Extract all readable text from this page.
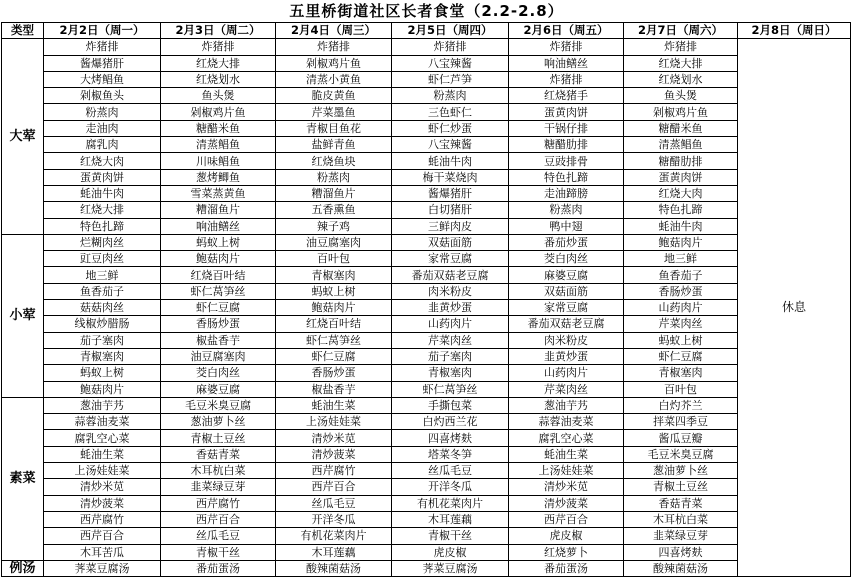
五里桥街道社区长者食堂（2.2-2.8）
类型	2月2日（周一）	2月3日（周二）	2月4日（周三）	2月5日（周四）	2月6日（周五）	2月7日（周六）	2月8日（周日）
大荤	炸猪排	炸猪排	炸猪排	炸猪排	炸猪排	炸猪排	休息
	酱爆猪肝	红烧大排	剁椒鸡片鱼	八宝辣酱	响油鳝丝	红烧大排	
	大烤鲳鱼	红烧划水	清蒸小黄鱼	虾仁芦笋	炸猪排	红烧划水	
	剁椒鱼头	鱼头煲	脆皮黄鱼	粉蒸肉	红烧猪手	鱼头煲	
	粉蒸肉	剁椒鸡片鱼	芹菜墨鱼	三色虾仁	蛋黄肉饼	剁椒鸡片鱼	
	走油肉	糖醋米鱼	青椒目鱼花	虾仁炒蛋	干锅仔排	糖醋米鱼	
	腐乳肉	清蒸鲳鱼	盐鲜青鱼	八宝辣酱	糖醋肋排	清蒸鲳鱼	
	红烧大肉	川味鲳鱼	红烧鱼块	蚝油牛肉	豆豉排骨	糖醋肋排	
	蛋黄肉饼	葱烤鲫鱼	粉蒸肉	梅干菜烧肉	特色扎蹄	蛋黄肉饼	
	蚝油牛肉	雪菜蒸黄鱼	糟溜鱼片	酱爆猪肝	走油蹄膀	红烧大肉	
	红烧大排	糟溜鱼片	五香熏鱼	白切猪肝	粉蒸肉	特色扎蹄	
	特色扎蹄	响油鳝丝	辣子鸡	三鲜肉皮	鸭中翅	蚝油牛肉	
小荤	烂糊肉丝	蚂蚁上树	油豆腐塞肉	双菇面筋	番茄炒蛋	鲍菇肉片	
	豇豆肉丝	鲍菇肉片	百叶包	家常豆腐	茭白肉丝	地三鲜	
	地三鲜	红烧百叶结	青椒塞肉	番茄双菇老豆腐	麻婆豆腐	鱼香茄子	
	鱼香茄子	虾仁莴笋丝	蚂蚁上树	肉米粉皮	双菇面筋	香肠炒蛋	
	菇菇肉丝	虾仁豆腐	鲍菇肉片	韭黄炒蛋	家常豆腐	山药肉片	
	线椒炒腊肠	香肠炒蛋	红烧百叶结	山药肉片	番茄双菇老豆腐	芹菜肉丝	
	茄子塞肉	椒盐香芋	虾仁莴笋丝	芹菜肉丝	肉米粉皮	蚂蚁上树	
	青椒塞肉	油豆腐塞肉	虾仁豆腐	茄子塞肉	韭黄炒蛋	虾仁豆腐	
	蚂蚁上树	茭白肉丝	香肠炒蛋	青椒塞肉	山药肉片	青椒塞肉	
	鲍菇肉片	麻婆豆腐	椒盐香芋	虾仁莴笋丝	芹菜肉丝	百叶包	
素菜	葱油芋艿	毛豆米臭豆腐	蚝油生菜	手撕包菜	葱油芋艿	白灼芥兰	
	蒜蓉油麦菜	葱油萝卜丝	上汤娃娃菜	白灼西兰花	蒜蓉油麦菜	拌菜四季豆	
	腐乳空心菜	青椒土豆丝	清炒米苋	四喜烤麸	腐乳空心菜	酱瓜豆瓣	
	蚝油生菜	香菇青菜	清炒菠菜	塔菜冬笋	蚝油生菜	毛豆米臭豆腐	
	上汤娃娃菜	木耳杭白菜	西芹腐竹	丝瓜毛豆	上汤娃娃菜	葱油萝卜丝	
	清炒米苋	韭菜绿豆芽	西芹百合	开洋冬瓜	清炒米苋	青椒土豆丝	
	清炒菠菜	西芹腐竹	丝瓜毛豆	有机花菜肉片	清炒菠菜	香菇青菜	
	西芹腐竹	西芹百合	开洋冬瓜	木耳莲藕	西芹百合	木耳杭白菜	
	西芹百合	丝瓜毛豆	有机花菜肉片	青椒干丝	虎皮椒	韭菜绿豆芽	
	木耳苦瓜	青椒干丝	木耳莲藕	虎皮椒	红烧萝卜	四喜烤麸	
例汤	荠菜豆腐汤	番茄蛋汤	酸辣菌菇汤	荠菜豆腐汤	番茄蛋汤	酸辣菌菇汤	
